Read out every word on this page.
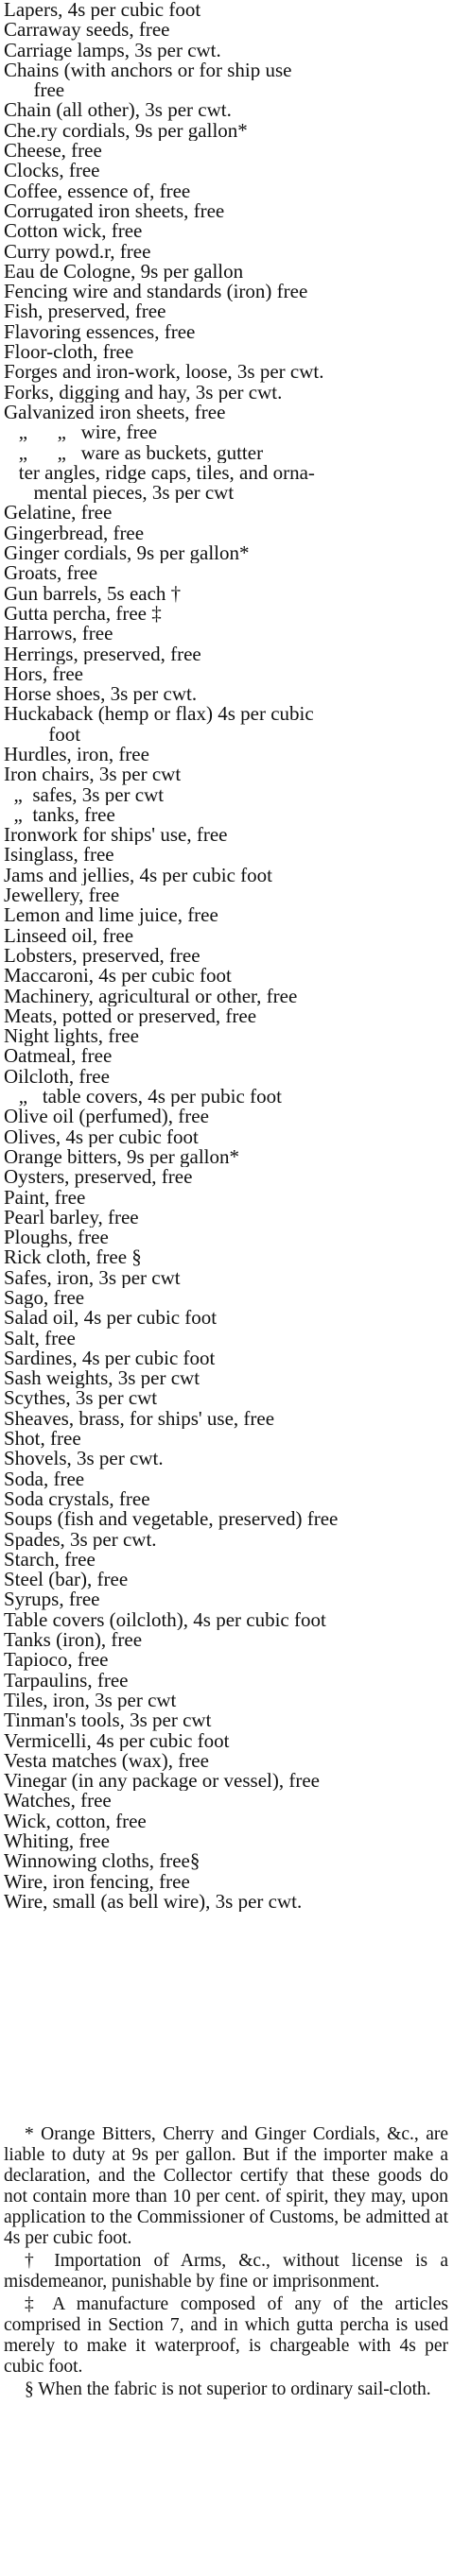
Lapers, 4s per cubic foot
Carraway seeds, free
Carriage lamps, 3s per cwt.
Chains (with anchors or for ship use
free
Chain (all other), 3s per cwt.
Che.ry cordials, 9s per gallon*
Cheese, free
Clocks, free
Coffee, essence of, free
Corrugated iron sheets, free
Cotton wick, free
Curry powd.r, free
Eau de Cologne, 9s per gallon
Fencing wire and standards (iron) free
Fish, preserved, free
Flavoring essences, free
Floor-cloth, free
Forges and iron-work, loose, 3s per cwt.
Forks, digging and hay, 3s per cwt.
Galvanized iron sheets, free
„      „   wire, free
„      „   ware as buckets, gutter
ter angles, ridge caps, tiles, and orna-
mental pieces, 3s per cwt
Gelatine, free
Gingerbread, free
Ginger cordials, 9s per gallon*
Groats, free
Gun barrels, 5s each †
Gutta percha, free ‡
Harrows, free
Herrings, preserved, free
Hors, free
Horse shoes, 3s per cwt.
Huckaback (hemp or flax) 4s per cubic
foot
Hurdles, iron, free
Iron chairs, 3s per cwt
„  safes, 3s per cwt
„  tanks, free
Ironwork for ships' use, free
Isinglass, free
Jams and jellies, 4s per cubic foot
Jewellery, free
Lemon and lime juice, free
Linseed oil, free
Lobsters, preserved, free
Maccaroni, 4s per cubic foot
Machinery, agricultural or other, free
Meats, potted or preserved, free
Night lights, free
Oatmeal, free
Oilcloth, free
„   table covers, 4s per pubic foot
Olive oil (perfumed), free
Olives, 4s per cubic foot
Orange bitters, 9s per gallon*
Oysters, preserved, free
Paint, free
Pearl barley, free
Ploughs, free
Rick cloth, free §
Safes, iron, 3s per cwt
Sago, free
Salad oil, 4s per cubic foot
Salt, free
Sardines, 4s per cubic foot
Sash weights, 3s per cwt
Scythes, 3s per cwt
Sheaves, brass, for ships' use, free
Shot, free
Shovels, 3s per cwt.
Soda, free
Soda crystals, free
Soups (fish and vegetable, preserved) free
Spades, 3s per cwt.
Starch, free
Steel (bar), free
Syrups, free
Table covers (oilcloth), 4s per cubic foot
Tanks (iron), free
Tapioco, free
Tarpaulins, free
Tiles, iron, 3s per cwt
Tinman's tools, 3s per cwt
Vermicelli, 4s per cubic foot
Vesta matches (wax), free
Vinegar (in any package or vessel), free
Watches, free
Wick, cotton, free
Whiting, free
Winnowing cloths, free§
Wire, iron fencing, free
Wire, small (as bell wire), 3s per cwt.
* Orange Bitters, Cherry and Ginger Cordials, &c., are liable to duty at 9s per gallon. But if the importer make a declaration, and the Collector certify that these goods do not contain more than 10 per cent. of spirit, they may, upon application to the Commissioner of Customs, be admitted at 4s per cubic foot.
† Importation of Arms, &c., without license is a misdemeanor, punishable by fine or imprisonment.
‡ A manufacture composed of any of the articles comprised in Section 7, and in which gutta percha is used merely to make it waterproof, is chargeable with 4s per cubic foot.
§ When the fabric is not superior to ordinary sail-cloth.
